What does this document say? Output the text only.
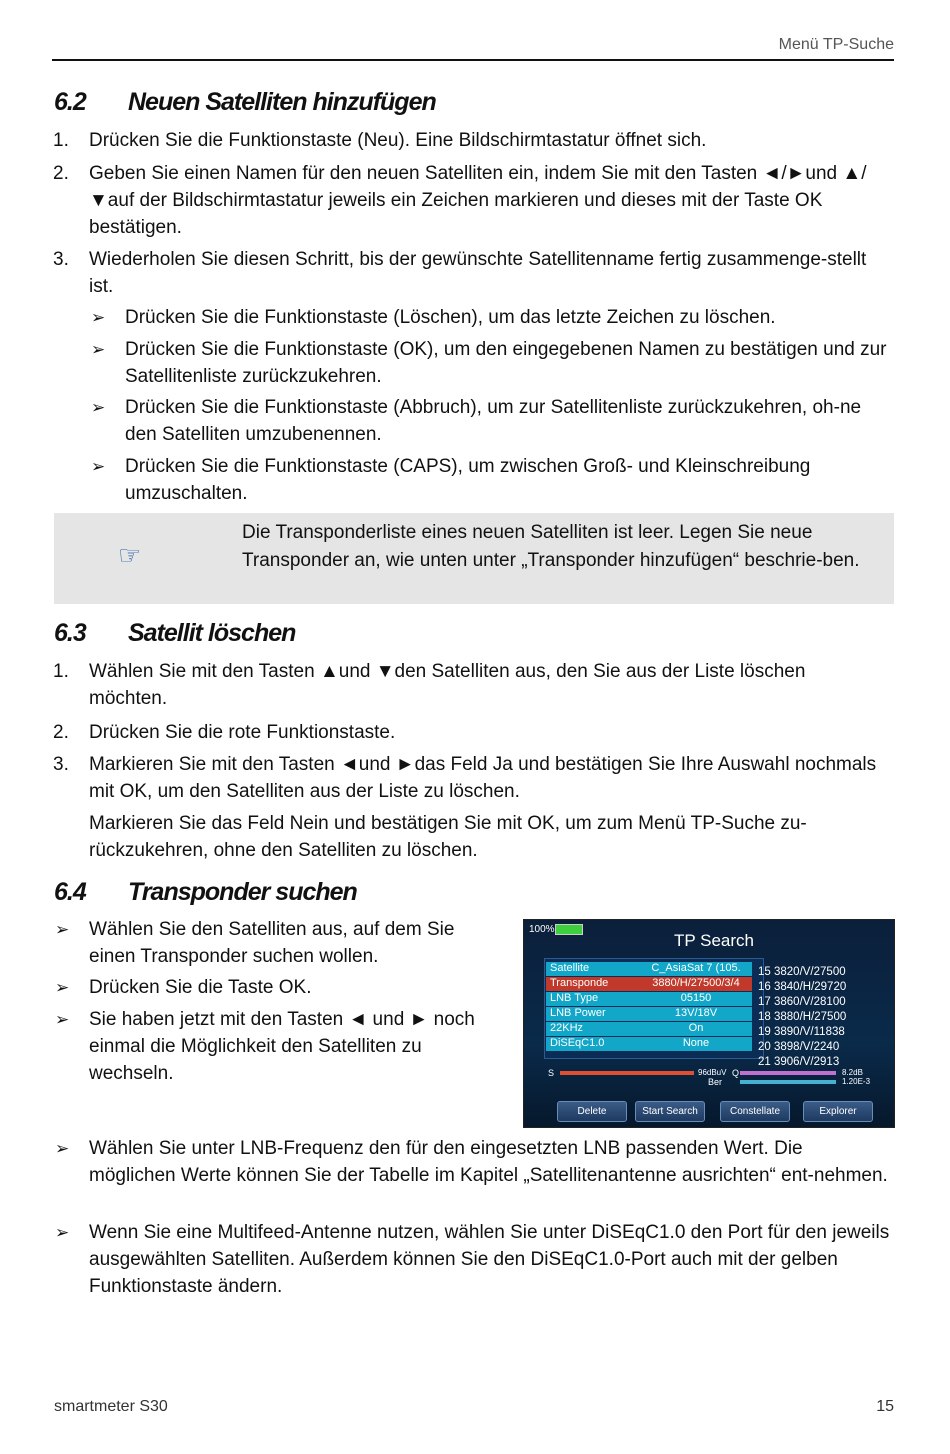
Menü TP-Suche
6.2 Neuen Satelliten hinzufügen
1. Drücken Sie die Funktionstaste (Neu). Eine Bildschirmtastatur öffnet sich.
2. Geben Sie einen Namen für den neuen Satelliten ein, indem Sie mit den Tasten ◄/►und ▲/▼auf der Bildschirmtastatur jeweils ein Zeichen markieren und dieses mit der Taste OK bestätigen.
3. Wiederholen Sie diesen Schritt, bis der gewünschte Satellitenname fertig zusammenge-stellt ist.
➢ Drücken Sie die Funktionstaste (Löschen), um das letzte Zeichen zu löschen.
➢ Drücken Sie die Funktionstaste (OK), um den eingegebenen Namen zu bestätigen und zur Satellitenliste zurückzukehren.
➢ Drücken Sie die Funktionstaste (Abbruch), um zur Satellitenliste zurückzukehren, oh-ne den Satelliten umzubenennen.
➢ Drücken Sie die Funktionstaste (CAPS), um zwischen Groß- und Kleinschreibung umzuschalten.
☞
Die Transponderliste eines neuen Satelliten ist leer. Legen Sie neue Transponder an, wie unten unter „Transponder hinzufügen“ beschrie-ben.
6.3 Satellit löschen
1. Wählen Sie mit den Tasten ▲und ▼den Satelliten aus, den Sie aus der Liste löschen möchten.
2. Drücken Sie die rote Funktionstaste.
3. Markieren Sie mit den Tasten ◄und ►das Feld Ja und bestätigen Sie Ihre Auswahl nochmals mit OK, um den Satelliten aus der Liste zu löschen.
Markieren Sie das Feld Nein und bestätigen Sie mit OK, um zum Menü TP-Suche zu-rückzukehren, ohne den Satelliten zu löschen.
6.4 Transponder suchen
➢ Wählen Sie den Satelliten aus, auf dem Sie einen Transponder suchen wollen.
➢ Drücken Sie die Taste OK.
➢ Sie haben jetzt mit den Tasten ◄ und ► noch einmal die Möglichkeit den Satelliten zu wechseln.
100%
TP Search
Satellite	C_AsiaSat 7 (105.
Transponde	3880/H/27500/3/4
LNB Type	05150
LNB Power	13V/18V
22KHz	On
DiSEqC1.0	None
15 3820/V/27500
16 3840/H/29720
17 3860/V/28100
18 3880/H/27500
19 3890/V/11838
20 3898/V/2240
21 3906/V/2913
S	96dBuV Q	8.2dB
Ber	1.20E-3
Delete	Start Search	Constellate	Explorer
➢ Wählen Sie unter LNB-Frequenz den für den eingesetzten LNB passenden Wert. Die möglichen Werte können Sie der Tabelle im Kapitel „Satellitenantenne ausrichten“ ent-nehmen.
➢ Wenn Sie eine Multifeed-Antenne nutzen, wählen Sie unter DiSEqC1.0 den Port für den jeweils ausgewählten Satelliten. Außerdem können Sie den DiSEqC1.0-Port auch mit der gelben Funktionstaste ändern.
smartmeter S30	15
